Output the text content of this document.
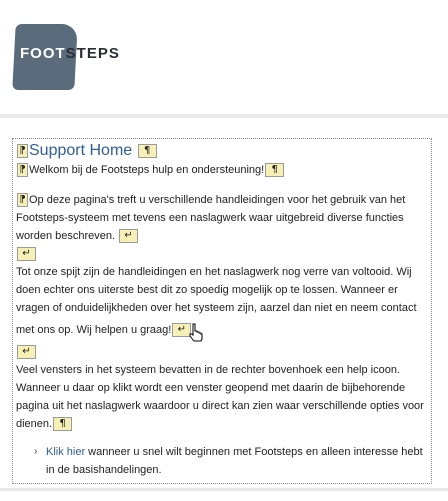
FOOTSTEPS
⁋ Support Home ¶

⁋ Welkom bij de Footsteps hulp en ondersteuning! ¶

⁋ Op deze pagina's treft u verschillende handleidingen voor het gebruik van het Footsteps-systeem met tevens een naslagwerk waar uitgebreid diverse functies worden beschreven. ↵

↵

Tot onze spijt zijn de handleidingen en het naslagwerk nog verre van voltooid. Wij doen echter ons uiterste best dit zo spoedig mogelijk op te lossen. Wanneer er vragen of onduidelijkheden over het systeem zijn, aarzel dan niet en neem contact met ons op. Wij helpen u graag! ↵

↵

Veel vensters in het systeem bevatten in de rechter bovenhoek een help icoon. Wanneer u daar op klikt wordt een venster geopend met daarin de bijbehorende pagina uit het naslagwerk waardoor u direct kan zien waar verschillende opties voor dienen. ¶

› Klik hier wanneer u snel wilt beginnen met Footsteps en alleen interesse hebt in de basishandelingen.
